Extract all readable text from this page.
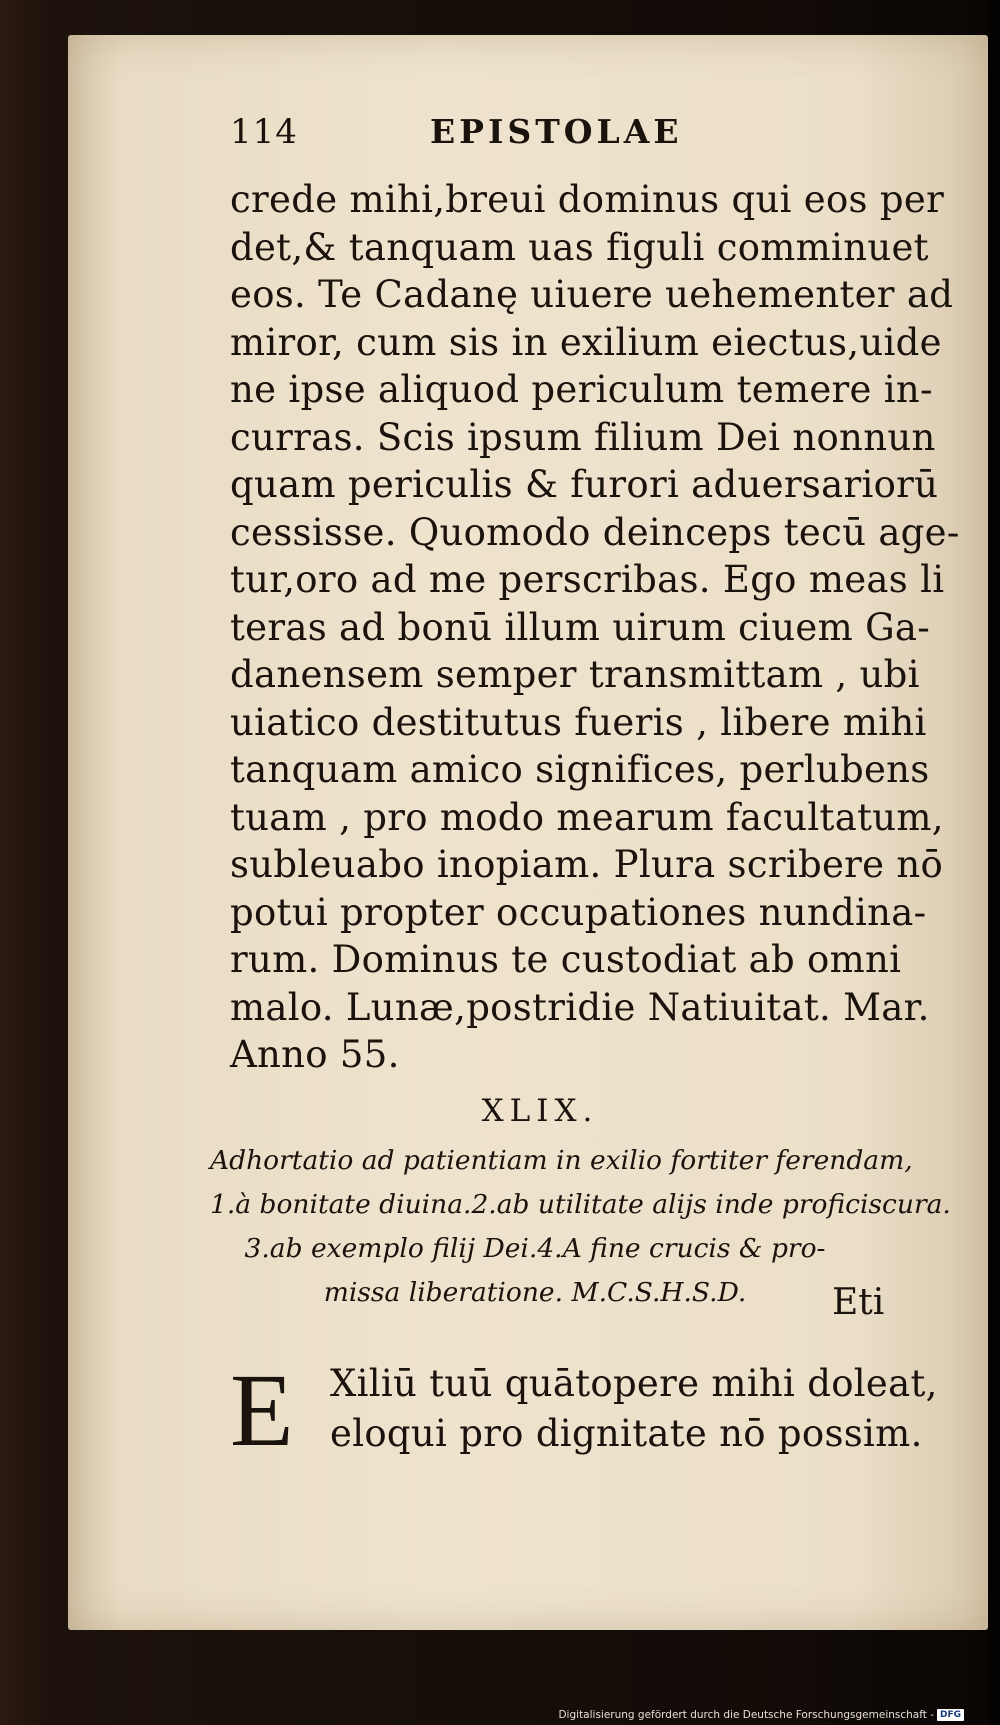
114	EPISTOLAE
crede mihi,breui dominus qui eos per
det,& tanquam uas figuli comminuet
eos. Te Cadanę uiuere uehementer ad
miror, cum sis in exilium eiectus,uide
ne ipse aliquod periculum temere in-
curras. Scis ipsum filium Dei nonnun
quam periculis & furori aduersariorū
cessisse. Quomodo deinceps tecū age-
tur,oro ad me perscribas. Ego meas li
teras ad bonū illum uirum ciuem Ga-
danensem semper transmittam , ubi
uiatico destitutus fueris , libere mihi
tanquam amico significes, perlubens
tuam , pro modo mearum facultatum,
subleuabo inopiam. Plura scribere nō
potui propter occupationes nundina-
rum. Dominus te custodiat ab omni
malo. Lunæ,postridie Natiuitat. Mar.
Anno 55.
XLIX.
Adhortatio ad patientiam in exilio fortiter ferendam,
1.à bonitate diuina.2.ab utilitate alijs inde proficiscura.
3.ab exemplo filij Dei.4.A fine crucis & pro-
missa liberatione. M.C.S.H.S.D.
E Xiliū tuū quātopere mihi doleat,
eloqui pro dignitate nō possim.
Eti
Digitalisierung gefördert durch die Deutsche Forschungsgemeinschaft - DFG
